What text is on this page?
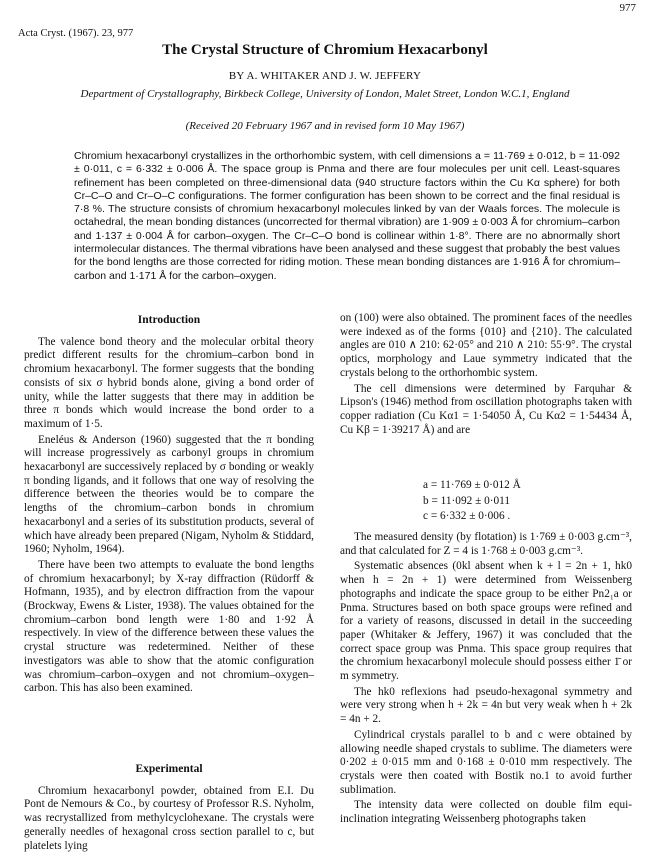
977
Acta Cryst. (1967). 23, 977
The Crystal Structure of Chromium Hexacarbonyl
BY A. WHITAKER AND J. W. JEFFERY
Department of Crystallography, Birkbeck College, University of London, Malet Street, London W.C.1, England
(Received 20 February 1967 and in revised form 10 May 1967)
Chromium hexacarbonyl crystallizes in the orthorhombic system, with cell dimensions a = 11·769 ± 0·012, b = 11·092 ± 0·011, c = 6·332 ± 0·006 Å. The space group is Pnma and there are four molecules per unit cell. Least-squares refinement has been completed on three-dimensional data (940 structure factors within the Cu Kα sphere) for both Cr–C–O and Cr–O–C configurations. The former configuration has been shown to be correct and the final residual is 7·8 %. The structure consists of chromium hexacarbonyl molecules linked by van der Waals forces. The molecule is octahedral, the mean bonding distances (uncorrected for thermal vibration) are 1·909 ± 0·003 Å for chromium–carbon and 1·137 ± 0·004 Å for carbon–oxygen. The Cr–C–O bond is collinear within 1·8°. There are no abnormally short intermolecular distances. The thermal vibrations have been analysed and these suggest that probably the best values for the bond lengths are those corrected for riding motion. These mean bonding distances are 1·916 Å for chromium–carbon and 1·171 Å for the carbon–oxygen.
Introduction

The valence bond theory and the molecular orbital theory predict different results for the chromium–carbon bond in chromium hexacarbonyl. The former suggests that the bonding consists of six σ hybrid bonds alone, giving a bond order of unity, while the latter suggests that there may in addition be three π bonds which would increase the bond order to a maximum of 1·5.

Eneléus & Anderson (1960) suggested that the π bonding will increase progressively as carbonyl groups in chromium hexacarbonyl are successively replaced by σ bonding or weakly π bonding ligands, and it follows that one way of resolving the difference between the theories would be to compare the lengths of the chromium–carbon bonds in chromium hexacarbonyl and a series of its substitution products, several of which have already been prepared (Nigam, Nyholm & Stiddard, 1960; Nyholm, 1964).

There have been two attempts to evaluate the bond lengths of chromium hexacarbonyl; by X-ray diffraction (Rüdorff & Hofmann, 1935), and by electron diffraction from the vapour (Brockway, Ewens & Lister, 1938). The values obtained for the chromium–carbon bond length were 1·80 and 1·92 Å respectively. In view of the difference between these values the crystal structure was redetermined. Neither of these investigators was able to show that the atomic configuration was chromium–carbon–oxygen and not chromium–oxygen–carbon. This has also been examined.

Experimental

Chromium hexacarbonyl powder, obtained from E.I. Du Pont de Nemours & Co., by courtesy of Professor R.S. Nyholm, was recrystallized from methylcyclohexane. The crystals were generally needles of hexagonal cross section parallel to c, but platelets lying

on (100) were also obtained. The prominent faces of the needles were indexed as of the forms {010} and {210}. The calculated angles are 010 ∧ 210: 62·05° and 210 ∧ 210: 55·9°. The crystal optics, morphology and Laue symmetry indicated that the crystals belong to the orthorhombic system.

The cell dimensions were determined by Farquhar & Lipson's (1946) method from oscillation photographs taken with copper radiation (Cu Kα1 = 1·54050 Å, Cu Kα2 = 1·54434 Å, Cu Kβ = 1·39217 Å) and are

a = 11·769 ± 0·012 Å
b = 11·092 ± 0·011
c = 6·332 ± 0·006 .

The measured density (by flotation) is 1·769 ± 0·003 g.cm⁻³, and that calculated for Z = 4 is 1·768 ± 0·003 g.cm⁻³.

Systematic absences (0kl absent when k + l = 2n + 1, hk0 when h = 2n + 1) were determined from Weissenberg photographs and indicate the space group to be either Pn2₁a or Pnma. Structures based on both space groups were refined and for a variety of reasons, discussed in detail in the succeeding paper (Whitaker & Jeffery, 1967) it was concluded that the correct space group was Pnma. This space group requires that the chromium hexacarbonyl molecule should possess either 1̄ or m symmetry.

The hk0 reflexions had pseudo-hexagonal symmetry and were very strong when h + 2k = 4n but very weak when h + 2k = 4n + 2.

Cylindrical crystals parallel to b and c were obtained by allowing needle shaped crystals to sublime. The diameters were 0·202 ± 0·015 mm and 0·168 ± 0·010 mm respectively. The crystals were then coated with Bostik no.1 to avoid further sublimation.

The intensity data were collected on double film equi-inclination integrating Weissenberg photographs taken
